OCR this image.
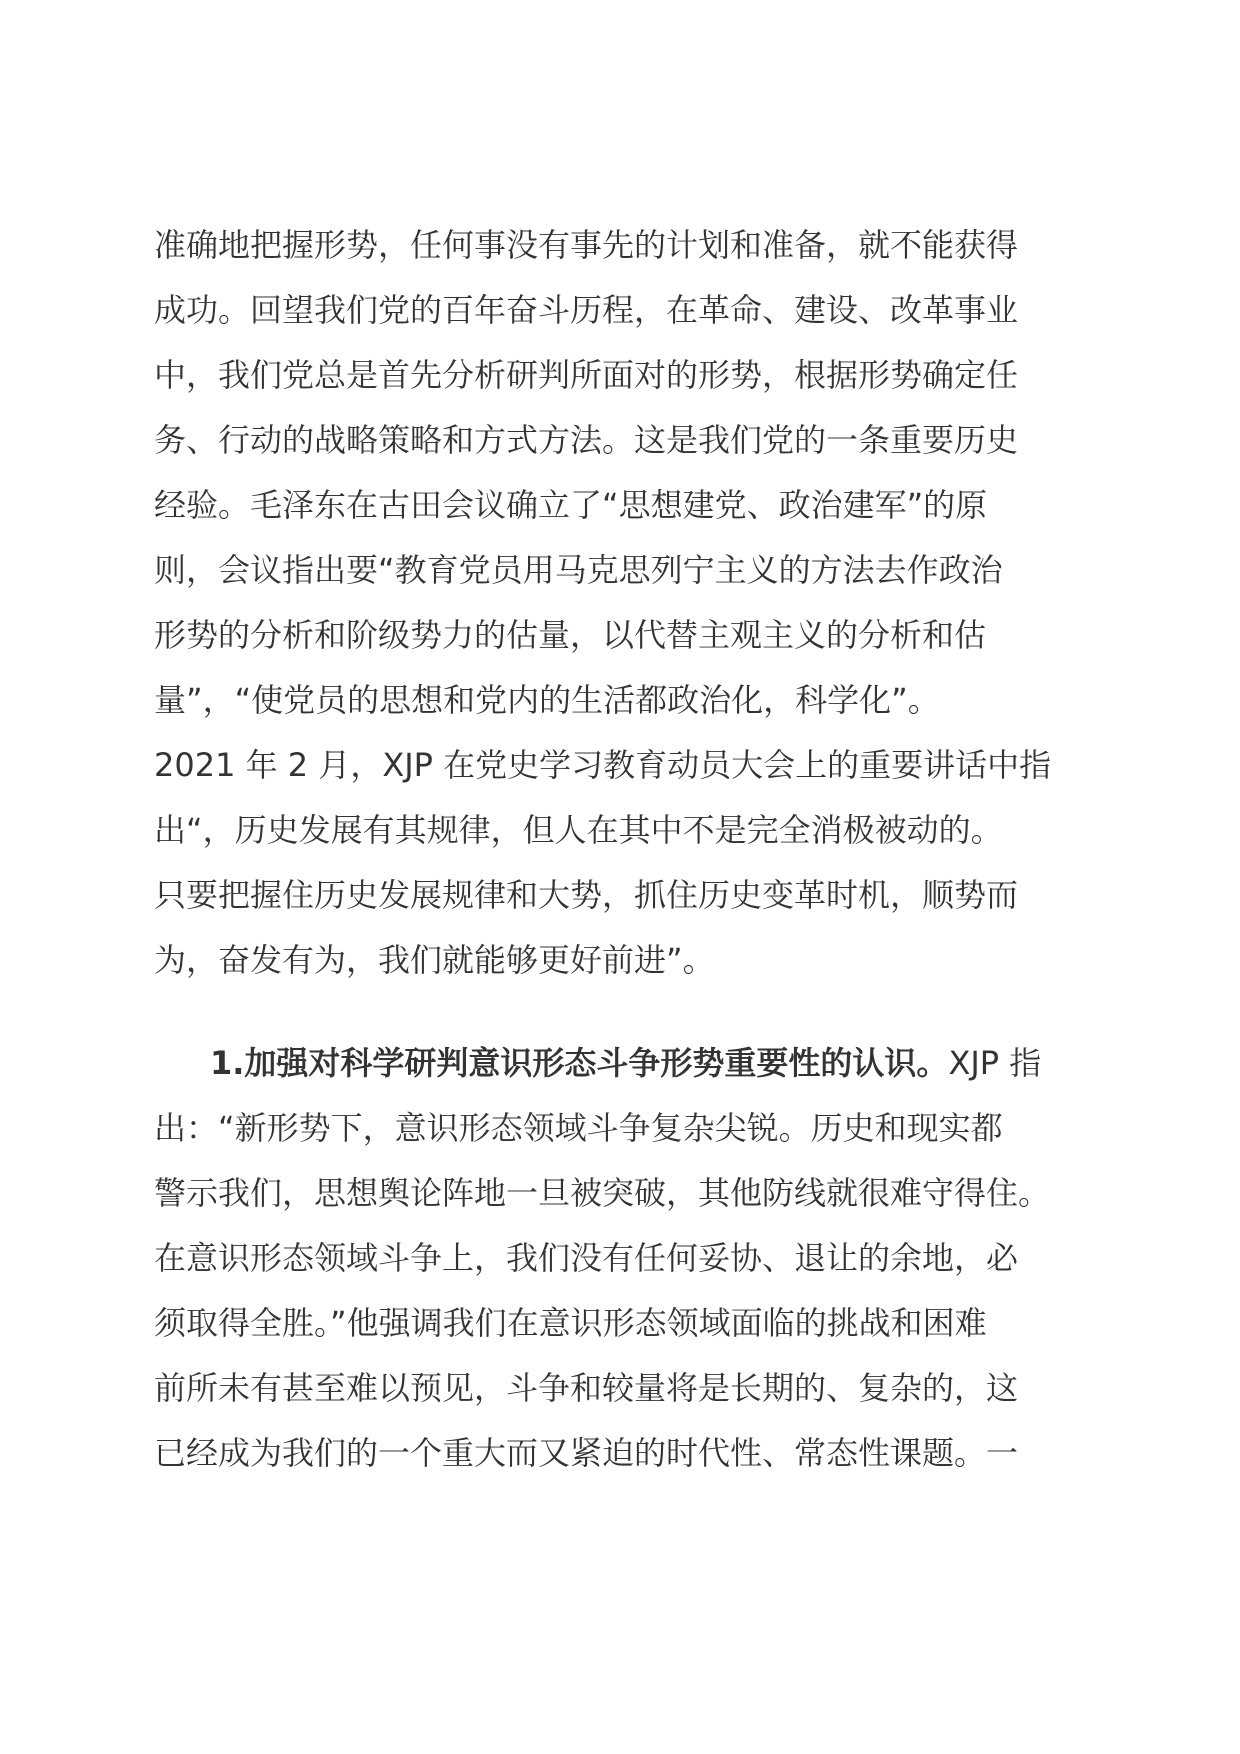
准确地把握形势，任何事没有事先的计划和准备，就不能获得
成功。回望我们党的百年奋斗历程，在革命、建设、改革事业
中，我们党总是首先分析研判所面对的形势，根据形势确定任
务、行动的战略策略和方式方法。这是我们党的一条重要历史
经验。毛泽东在古田会议确立了“思想建党、政治建军”的原
则，会议指出要“教育党员用马克思列宁主义的方法去作政治
形势的分析和阶级势力的估量，以代替主观主义的分析和估
量”，“使党员的思想和党内的生活都政治化，科学化”。
2021 年 2 月，XJP 在党史学习教育动员大会上的重要讲话中指
出“，历史发展有其规律，但人在其中不是完全消极被动的。
只要把握住历史发展规律和大势，抓住历史变革时机，顺势而
为，奋发有为，我们就能够更好前进”。
1.加强对科学研判意识形态斗争形势重要性的认识。XJP 指
出：“新形势下，意识形态领域斗争复杂尖锐。历史和现实都
警示我们，思想舆论阵地一旦被突破，其他防线就很难守得住。
在意识形态领域斗争上，我们没有任何妥协、退让的余地，必
须取得全胜。”他强调我们在意识形态领域面临的挑战和困难
前所未有甚至难以预见，斗争和较量将是长期的、复杂的，这
已经成为我们的一个重大而又紧迫的时代性、常态性课题。一
